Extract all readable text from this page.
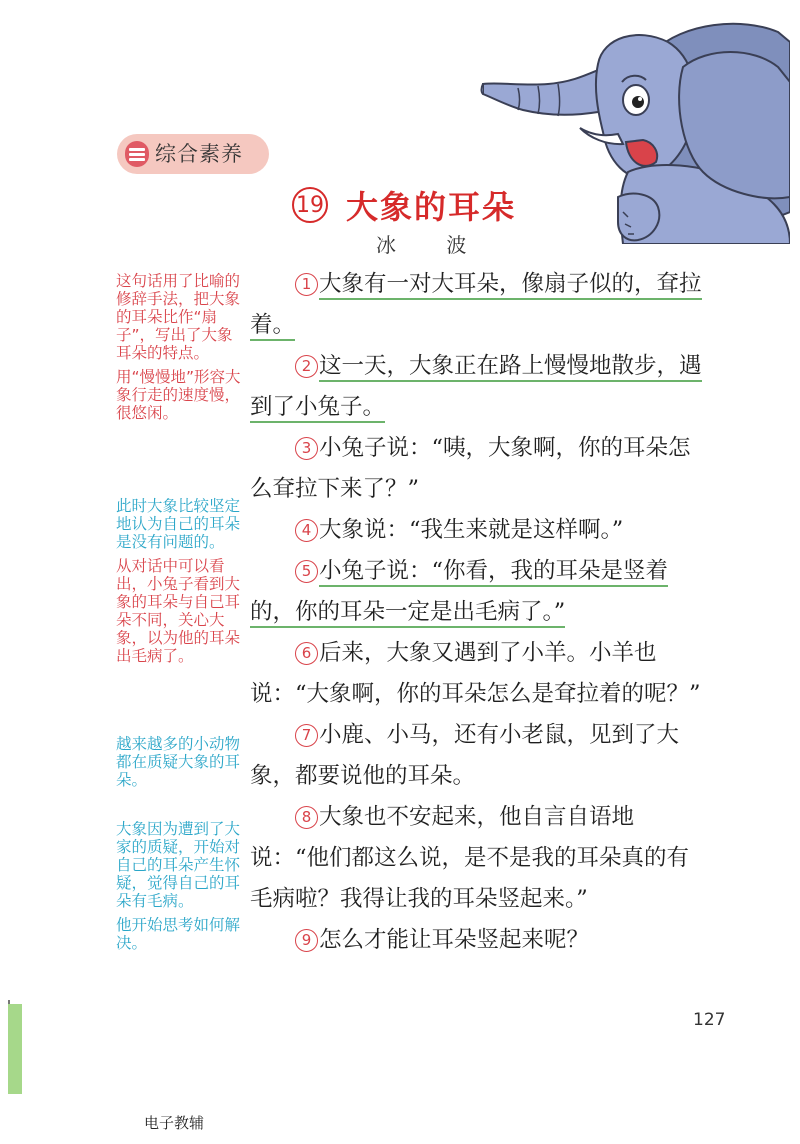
综合素养
19 大象的耳朵
冰 波

这句话用了比喻的修辞手法，把大象的耳朵比作“扇子”，写出了大象耳朵的特点。

用“慢慢地”形容大象行走的速度慢，很悠闲。

此时大象比较坚定地认为自己的耳朵是没有问题的。

从对话中可以看出，小兔子看到大象的耳朵与自己耳朵不同，关心大象，以为他的耳朵出毛病了。

越来越多的小动物都在质疑大象的耳朵。

大象因为遭到了大家的质疑，开始对自己的耳朵产生怀疑，觉得自己的耳朵有毛病。

他开始思考如何解决。

1 大象有一对大耳朵，像扇子似的，耷拉着。

2 这一天，大象正在路上慢慢地散步，遇到了小兔子。

3 小兔子说：“咦，大象啊，你的耳朵怎么耷拉下来了？”

4 大象说：“我生来就是这样啊。”

5 小兔子说：“你看，我的耳朵是竖着的，你的耳朵一定是出毛病了。”

6 后来，大象又遇到了小羊。小羊也说：“大象啊，你的耳朵怎么是耷拉着的呢？”

7 小鹿、小马，还有小老鼠，见到了大象，都要说他的耳朵。

8 大象也不安起来，他自言自语地说：“他们都这么说，是不是我的耳朵真的有毛病啦？我得让我的耳朵竖起来。”

9 怎么才能让耳朵竖起来呢？

127
电子教辅
